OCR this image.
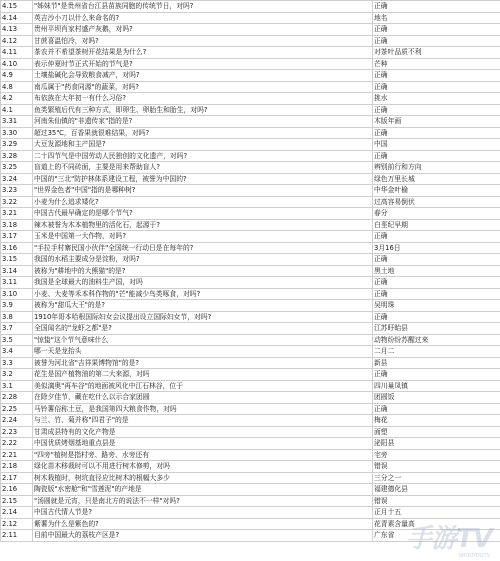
4.15	"姊妹节"是贵州省台江县苗族同胞的传统节日，对吗?	正确
4.14	英吉沙小刀以什么来命名的?	地名
4.13	贵州平坝肖家村盛产灰鹅，对吗?	正确
4.12	甘蔗喜温怕冷，对吗?	正确
4.11	茶农并不希望茶树开花结果是为什么?	对茶叶品质不利
4.10	表示仲夏时节正式开始的节气是?	芒种
4.9	土壤盐碱化会导致粮食减产，对吗?	正确
4.8	南瓜属于"药食同源"的蔬菜，对吗?	正确
4.2	布依族在大年初一有什么习俗?	挑水
4.1	鱼类繁殖后代有三种方式，即卵生、卵胎生和胎生，对吗?	正确
3.31	河南朱仙镇的"非遗传家"指的是?	木版年画
3.30	超过35℃，百香果就很难结果，对吗?	正确
3.29	大豆发源地和主产国是?	中国
3.28	二十四节气是中国劳动人民独创的文化遗产，对吗?	正确
3.25	盲道上的不同砖面，主要是用来帮助盲人?	辨别前行和方向
3.24	中国的"三北"防护林体系建设工程，被誉为中国的?	绿色万里长城
3.23	"世界金色者"中国"指的是哪种树?	中华金叶榆
3.22	小麦为什么追求矮化?	过高容易倒伏
3.21	中国古代最早确定的是哪个节气?	春分
3.18	辣木被誉为木本植物里的活化石，起源于?	白垩纪早期
3.17	玉米是中国第一大作物，对吗?	正确
3.16	"手拉手村寨民国小伙伴"全国统一行动日是在每年的?	3月16日
3.15	我国的水稻主要成分是淀粉，对吗?	正确
3.14	被称为"耕地中的大熊猫"的是?	黑土地
3.11	我国是全球最大的油料生产国，对吗	正确
3.10	小麦、大麦等禾本科作物的"芒"能减少鸟类啄食，对吗?	正确
3.9	被称为"甜瓜大王"的是?	吴明珠
3.8	1910年哥本哈根国际妇女会议提出设立国际妇女节，对吗?	正确
3.7	全国闻名的"龙虾之都"是?	江苏盱眙县
3.5	"惊蛰"这个节气意味什么	动物纷纷苏醒过来
3.4	哪一天是龙抬头	二月二
3.3	被誉为河北省"吉祥果博物馆"的是?	新县
3.2	花生是国产植物油的第二大来源，对吗	正确
3.1	美似漓奥"再车谷"的地面被风化中江石林谷，位于	四川巢凤镇
2.28	在除夕佳节，藏在吃什么以示合家团圆	团圆饭
2.25	马铃薯俗称土豆，是我国第四大粮食作物，对吗	正确
2.24	与兰、竹、菊并称"四君子"的是	梅花
2.23	甘肃成县特有的文化产物是	面塑
2.22	中国优质烤烟基地重点县是	泌阳县
2.21	"四旁"植树是指村旁、路旁、水旁还有	宅旁
2.18	绿化苗木移栽时可以不用进行树木修剪，对吗	错误
2.17	树木栽植时，树坑直径应比树木的根幅大多少	三分之一
2.16	陶瓷版"水密舱"和"雪莲泥"的产地是	福建德化县
2.15	"汤圆就是元宵，只是南北方的说法不一样"对吗?	错误
2.14	中国古代情人节是?	正月十五
2.12	紫薯为什么是紫色的?	花青素含量高
2.11	目前中国最大的荔枝产区是?	广东省 手游TV
SHOUYOUTV
